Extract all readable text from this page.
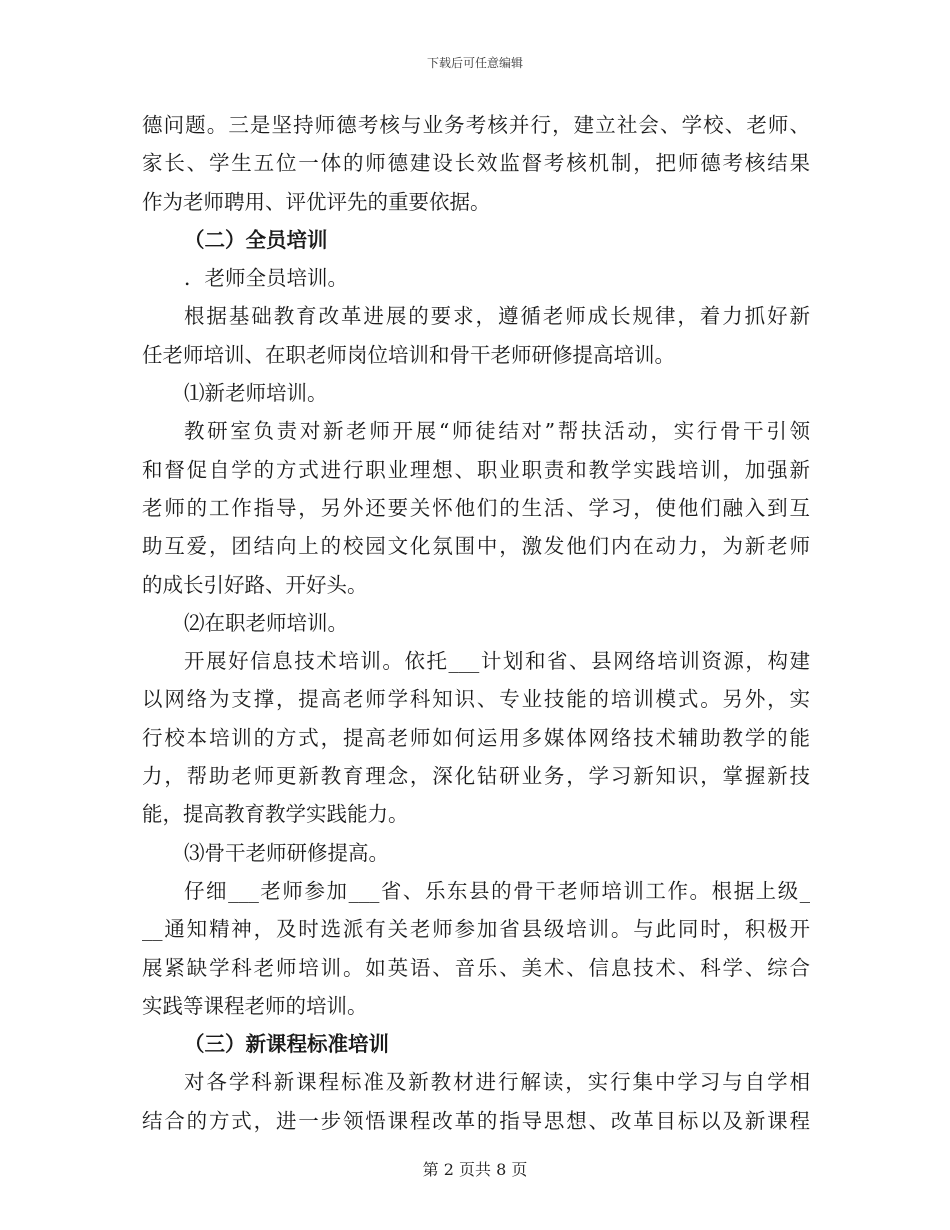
下载后可任意编辑
德问题。三是坚持师德考核与业务考核并行，建立社会、学校、老师、
家长、学生五位一体的师德建设长效监督考核机制，把师德考核结果
作为老师聘用、评优评先的重要依据。
（二）全员培训
．老师全员培训。
根据基础教育改革进展的要求，遵循老师成长规律，着力抓好新
任老师培训、在职老师岗位培训和骨干老师研修提高培训。
⑴新老师培训。
教研室负责对新老师开展“师徒结对”帮扶活动，实行骨干引领
和督促自学的方式进行职业理想、职业职责和教学实践培训，加强新
老师的工作指导，另外还要关怀他们的生活、学习，使他们融入到互
助互爱，团结向上的校园文化氛围中，激发他们内在动力，为新老师
的成长引好路、开好头。
⑵在职老师培训。
开展好信息技术培训。依托___计划和省、县网络培训资源，构建
以网络为支撑，提高老师学科知识、专业技能的培训模式。另外，实
行校本培训的方式，提高老师如何运用多媒体网络技术辅助教学的能
力，帮助老师更新教育理念，深化钻研业务，学习新知识，掌握新技
能，提高教育教学实践能力。
⑶骨干老师研修提高。
仔细___老师参加___省、乐东县的骨干老师培训工作。根据上级_
__通知精神，及时选派有关老师参加省县级培训。与此同时，积极开
展紧缺学科老师培训。如英语、音乐、美术、信息技术、科学、综合
实践等课程老师的培训。
（三）新课程标准培训
对各学科新课程标准及新教材进行解读，实行集中学习与自学相
结合的方式，进一步领悟课程改革的指导思想、改革目标以及新课程
第 2 页共 8 页
